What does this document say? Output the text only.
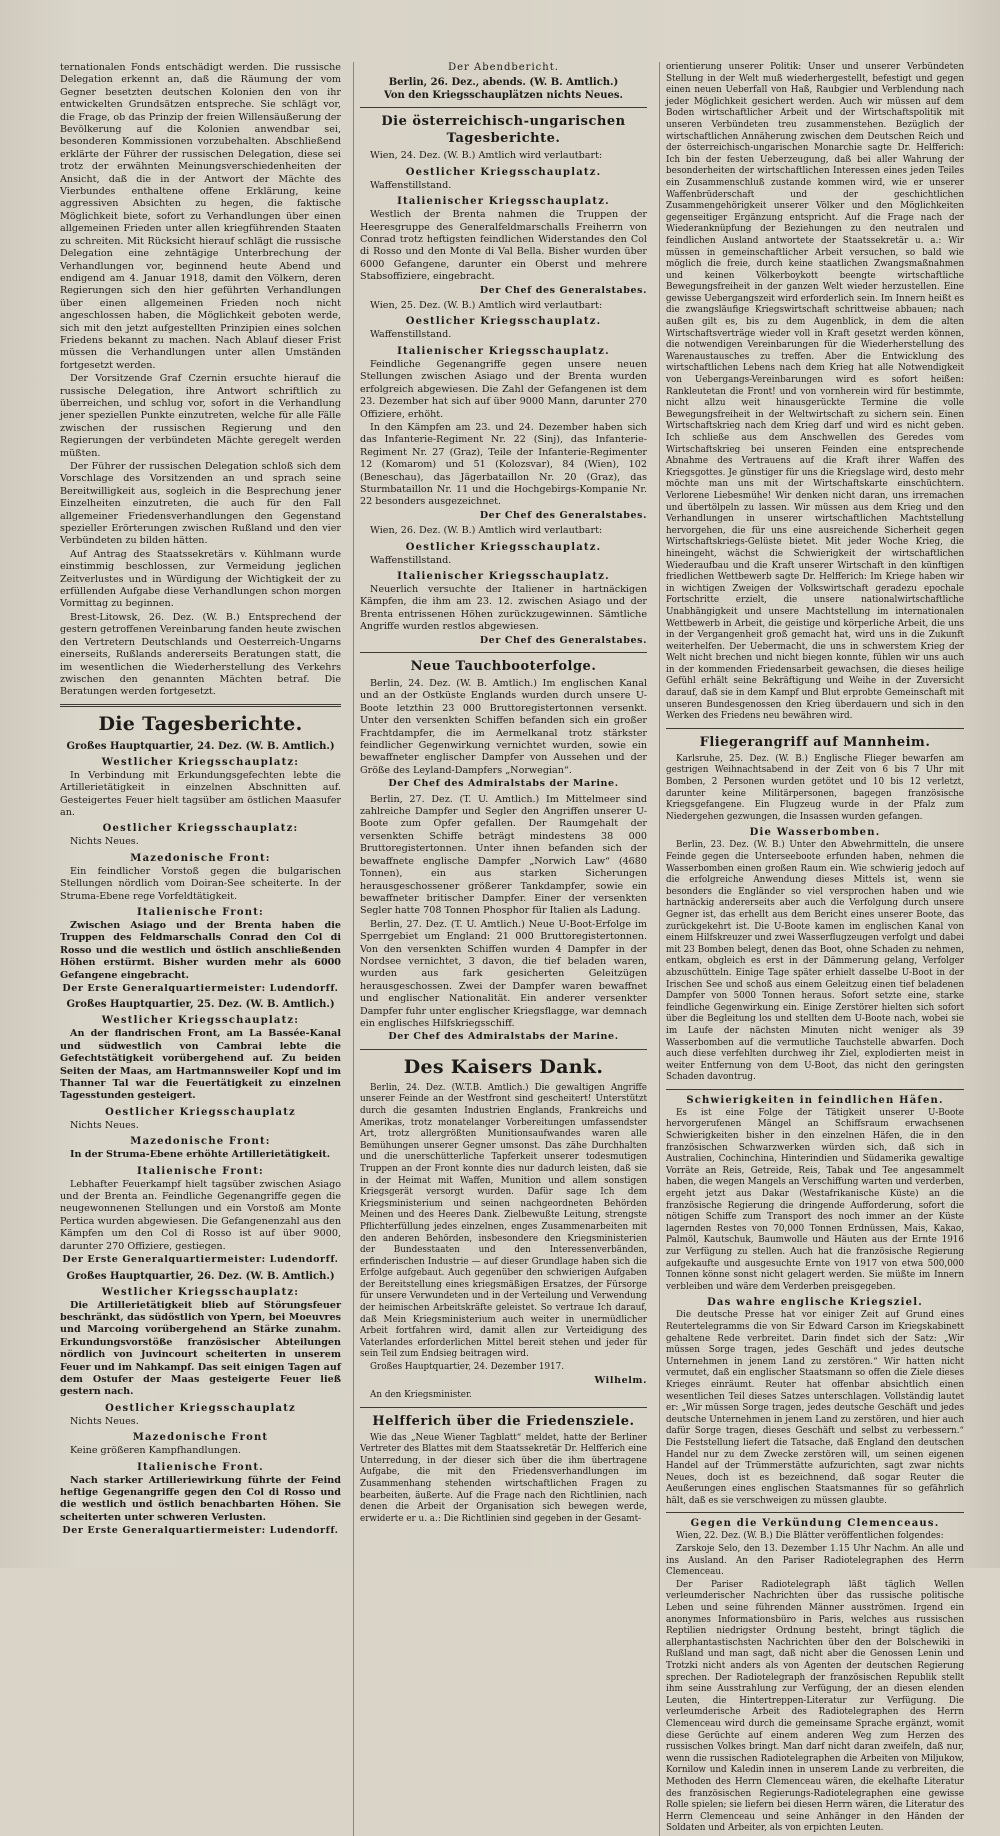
ternationalen Fonds entschädigt werden. Die russische Delegation erkennt an, daß die Räumung der vom Gegner besetzten deutschen Kolonien den von ihr entwickelten Grundsätzen entspreche. Sie schlägt vor, die Frage, ob das Prinzip der freien Willensäußerung der Bevölkerung auf die Kolonien anwendbar sei, besonderen Kommissionen vorzubehalten. Abschließend erklärte der Führer der russischen Delegation, diese sei trotz der erwähnten Meinungsverschiedenheiten der Ansicht, daß die in der Antwort der Mächte des Vierbundes enthaltene offene Erklärung, keine aggressiven Absichten zu hegen, die faktische Möglichkeit biete, sofort zu Verhandlungen über einen allgemeinen Frieden unter allen kriegführenden Staaten zu schreiten. Mit Rücksicht hierauf schlägt die russische Delegation eine zehntägige Unterbrechung der Verhandlungen vor, beginnend heute Abend und endigend am 4. Januar 1918, damit den Völkern, deren Regierungen sich den hier geführten Verhandlungen über einen allgemeinen Frieden noch nicht angeschlossen haben, die Möglichkeit geboten werde, sich mit den jetzt aufgestellten Prinzipien eines solchen Friedens bekannt zu machen. Nach Ablauf dieser Frist müssen die Verhandlungen unter allen Umständen fortgesetzt werden.

Der Vorsitzende Graf Czernin ersuchte hierauf die russische Delegation, ihre Antwort schriftlich zu überreichen, und schlug vor, sofort in die Verhandlung jener speziellen Punkte einzutreten, welche für alle Fälle zwischen der russischen Regierung und den Regierungen der verbündeten Mächte geregelt werden müßten.

Der Führer der russischen Delegation schloß sich dem Vorschlage des Vorsitzenden an und sprach seine Bereitwilligkeit aus, sogleich in die Besprechung jener Einzelheiten einzutreten, die auch für den Fall allgemeiner Friedensverhandlungen den Gegenstand spezieller Erörterungen zwischen Rußland und den vier Verbündeten zu bilden hätten.

Auf Antrag des Staatssekretärs v. Kühlmann wurde einstimmig beschlossen, zur Vermeidung jeglichen Zeitverlustes und in Würdigung der Wichtigkeit der zu erfüllenden Aufgabe diese Verhandlungen schon morgen Vormittag zu beginnen.

Brest-Litowsk, 26. Dez. (W. B.) Entsprechend der gestern getroffenen Vereinbarung fanden heute zwischen den Vertretern Deutschlands und Oesterreich-Ungarns einerseits, Rußlands andererseits Beratungen statt, die im wesentlichen die Wiederherstellung des Verkehrs zwischen den genannten Mächten betraf. Die Beratungen werden fortgesetzt.

Die Tagesberichte.
Großes Hauptquartier, 24. Dez. (W. B. Amtlich.)
Westlicher Kriegsschauplatz:

In Verbindung mit Erkundungsgefechten lebte die Artillerietätigkeit in einzelnen Abschnitten auf. Gesteigertes Feuer hielt tagsüber am östlichen Maasufer an.

Oestlicher Kriegsschauplatz:

Nichts Neues.

Mazedonische Front:

Ein feindlicher Vorstoß gegen die bulgarischen Stellungen nördlich vom Doiran-See scheiterte. In der Struma-Ebene rege Vorfeldtätigkeit.

Italienische Front:

Zwischen Asiago und der Brenta haben die Truppen des Feldmarschalls Conrad den Col di Rosso und die westlich und östlich anschließenden Höhen erstürmt. Bisher wurden mehr als 6000 Gefangene eingebracht.

Der Erste Generalquartiermeister: Ludendorff.
Großes Hauptquartier, 25. Dez. (W. B. Amtlich.)
Westlicher Kriegsschauplatz:

An der flandrischen Front, am La Bassée-Kanal und südwestlich von Cambrai lebte die Gefechtstätigkeit vorübergehend auf. Zu beiden Seiten der Maas, am Hartmannsweiler Kopf und im Thanner Tal war die Feuertätigkeit zu einzelnen Tagesstunden gesteigert.

Oestlicher Kriegsschauplatz

Nichts Neues.

Mazedonische Front:

In der Struma-Ebene erhöhte Artillerietätigkeit.

Italienische Front:

Lebhafter Feuerkampf hielt tagsüber zwischen Asiago und der Brenta an. Feindliche Gegenangriffe gegen die neugewonnenen Stellungen und ein Vorstoß am Monte Pertica wurden abgewiesen. Die Gefangenenzahl aus den Kämpfen um den Col di Rosso ist auf über 9000, darunter 270 Offiziere, gestiegen.

Der Erste Generalquartiermeister: Ludendorff.
Großes Hauptquartier, 26. Dez. (W. B. Amtlich.)
Westlicher Kriegsschauplatz:

Die Artillerietätigkeit blieb auf Störungsfeuer beschränkt, das südöstlich von Ypern, bei Moeuvres und Marcoing vorübergehend an Stärke zunahm. Erkundungsvorstöße französischer Abteilungen nördlich von Juvincourt scheiterten in unserem Feuer und im Nahkampf. Das seit einigen Tagen auf dem Ostufer der Maas gesteigerte Feuer ließ gestern nach.

Oestlicher Kriegsschauplatz

Nichts Neues.

Mazedonische Front

Keine größeren Kampfhandlungen.

Italienische Front.

Nach starker Artilleriewirkung führte der Feind heftige Gegenangriffe gegen den Col di Rosso und die westlich und östlich benachbarten Höhen. Sie scheiterten unter schweren Verlusten.

Der Erste Generalquartiermeister: Ludendorff.
Der Abendbericht.
Berlin, 26. Dez., abends. (W. B. Amtlich.)
Von den Kriegsschauplätzen nichts Neues.
Die österreichisch-ungarischen Tagesberichte.

Wien, 24. Dez. (W. B.) Amtlich wird verlautbart:

Oestlicher Kriegsschauplatz.

Waffenstillstand.

Italienischer Kriegsschauplatz.

Westlich der Brenta nahmen die Truppen der Heeresgruppe des Generalfeldmarschalls Freiherrn von Conrad trotz heftigsten feindlichen Widerstandes den Col di Rosso und den Monte di Val Bella. Bisher wurden über 6000 Gefangene, darunter ein Oberst und mehrere Stabsoffiziere, eingebracht.

Der Chef des Generalstabes.

Wien, 25. Dez. (W. B.) Amtlich wird verlautbart:

Oestlicher Kriegsschauplatz.

Waffenstillstand.

Italienischer Kriegsschauplatz.

Feindliche Gegenangriffe gegen unsere neuen Stellungen zwischen Asiago und der Brenta wurden erfolgreich abgewiesen. Die Zahl der Gefangenen ist dem 23. Dezember hat sich auf über 9000 Mann, darunter 270 Offiziere, erhöht.

In den Kämpfen am 23. und 24. Dezember haben sich das Infanterie-Regiment Nr. 22 (Sinj), das Infanterie-Regiment Nr. 27 (Graz), Teile der Infanterie-Regimenter 12 (Komarom) und 51 (Kolozsvar), 84 (Wien), 102 (Beneschau), das Jägerbataillon Nr. 20 (Graz), das Sturmbataillon Nr. 11 und die Hochgebirgs-Kompanie Nr. 22 besonders ausgezeichnet.

Der Chef des Generalstabes.

Wien, 26. Dez. (W. B.) Amtlich wird verlautbart:

Oestlicher Kriegsschauplatz.

Waffenstillstand.

Italienischer Kriegsschauplatz.

Neuerlich versuchte der Italiener in hartnäckigen Kämpfen, die ihm am 23. 12. zwischen Asiago und der Brenta entrissenen Höhen zurückzugewinnen. Sämtliche Angriffe wurden restlos abgewiesen.

Der Chef des Generalstabes.
Neue Tauchbooterfolge.

Berlin, 24. Dez. (W. B. Amtlich.) Im englischen Kanal und an der Ostküste Englands wurden durch unsere U-Boote letzthin 23 000 Bruttoregistertonnen versenkt. Unter den versenkten Schiffen befanden sich ein großer Frachtdampfer, die im Aermelkanal trotz stärkster feindlicher Gegenwirkung vernichtet wurden, sowie ein bewaffneter englischer Dampfer von Aussehen und der Größe des Leyland-Dampfers „Norwegian“.

Der Chef des Admiralstabs der Marine.

Berlin, 27. Dez. (T. U. Amtlich.) Im Mittelmeer sind zahlreiche Dampfer und Segler den Angriffen unserer U-Boote zum Opfer gefallen. Der Raumgehalt der versenkten Schiffe beträgt mindestens 38 000 Bruttoregistertonnen. Unter ihnen befanden sich der bewaffnete englische Dampfer „Norwich Law“ (4680 Tonnen), ein aus starken Sicherungen herausgeschossener größerer Tankdampfer, sowie ein bewaffneter britischer Dampfer. Einer der versenkten Segler hatte 708 Tonnen Phosphor für Italien als Ladung.

Berlin, 27. Dez. (T. U. Amtlich.) Neue U-Boot-Erfolge im Sperrgebiet um England: 21 000 Bruttoregistertonnen. Von den versenkten Schiffen wurden 4 Dampfer in der Nordsee vernichtet, 3 davon, die tief beladen waren, wurden aus fark gesicherten Geleitzügen herausgeschossen. Zwei der Dampfer waren bewaffnet und englischer Nationalität. Ein anderer versenkter Dampfer fuhr unter englischer Kriegsflagge, war demnach ein englisches Hilfskriegsschiff.

Der Chef des Admiralstabs der Marine.
Des Kaisers Dank.

Berlin, 24. Dez. (W.T.B. Amtlich.) Die gewaltigen Angriffe unserer Feinde an der Westfront sind gescheitert! Unterstützt durch die gesamten Industrien Englands, Frankreichs und Amerikas, trotz monatelanger Vorbereitungen umfassendster Art, trotz allergrößten Munitionsaufwandes waren alle Bemühungen unserer Gegner umsonst. Das zähe Durchhalten und die unerschütterliche Tapferkeit unserer todesmutigen Truppen an der Front konnte dies nur dadurch leisten, daß sie in der Heimat mit Waffen, Munition und allem sonstigen Kriegsgerät versorgt wurden. Dafür sage Ich dem Kriegsministerium und seinen nachgeordneten Behörden Meinen und des Heeres Dank. Zielbewußte Leitung, strengste Pflichterfüllung jedes einzelnen, enges Zusammenarbeiten mit den anderen Behörden, insbesondere den Kriegsministerien der Bundesstaaten und den Interessenverbänden, erfinderischen Industrie — auf dieser Grundlage haben sich die Erfolge aufgebaut. Auch gegenüber den schwierigen Aufgaben der Bereitstellung eines kriegsmäßigen Ersatzes, der Fürsorge für unsere Verwundeten und in der Verteilung und Verwendung der heimischen Arbeitskräfte geleistet. So vertraue Ich darauf, daß Mein Kriegsministerium auch weiter in unermüdlicher Arbeit fortfahren wird, damit allen zur Verteidigung des Vaterlandes erforderlichen Mittel bereit stehen und jeder für sein Teil zum Endsieg beitragen wird.

Großes Hauptquartier, 24. Dezember 1917.

Wilhelm.

An den Kriegsminister.

Helfferich über die Friedensziele.

Wie das „Neue Wiener Tagblatt“ meldet, hatte der Berliner Vertreter des Blattes mit dem Staatssekretär Dr. Helfferich eine Unterredung, in der dieser sich über die ihm übertragene Aufgabe, die mit den Friedensverhandlungen im Zusammenhang stehenden wirtschaftlichen Fragen zu bearbeiten, äußerte. Auf die Frage nach den Richtlinien, nach denen die Arbeit der Organisation sich bewegen werde, erwiderte er u. a.: Die Richtlinien sind gegeben in der Gesamt-

orientierung unserer Politik: Unser und unserer Verbündeten Stellung in der Welt muß wiederhergestellt, befestigt und gegen einen neuen Ueberfall von Haß, Raubgier und Verblendung nach jeder Möglichkeit gesichert werden. Auch wir müssen auf dem Boden wirtschaftlicher Arbeit und der Wirtschaftspolitik mit unseren Verbündeten treu zusammenstehen. Bezüglich der wirtschaftlichen Annäherung zwischen dem Deutschen Reich und der österreichisch-ungarischen Monarchie sagte Dr. Helfferich: Ich bin der festen Ueberzeugung, daß bei aller Wahrung der besonderheiten der wirtschaftlichen Interessen eines jeden Teiles ein Zusammenschluß zustande kommen wird, wie er unserer Waffenbrüderschaft und der geschichtlichen Zusammengehörigkeit unserer Völker und den Möglichkeiten gegenseitiger Ergänzung entspricht. Auf die Frage nach der Wiederanknüpfung der Beziehungen zu den neutralen und feindlichen Ausland antwortete der Staatssekretär u. a.: Wir müssen in gemeinschaftlicher Arbeit versuchen, so bald wie möglich die freie, durch keine staatlichen Zwangsmaßnahmen und keinen Völkerboykott beengte wirtschaftliche Bewegungsfreiheit in der ganzen Welt wieder herzustellen. Eine gewisse Uebergangszeit wird erforderlich sein. Im Innern heißt es die zwangsläufige Kriegswirtschaft schrittweise abbauen; nach außen gilt es, bis zu dem Augenblick, in dem die alten Wirtschaftsverträge wieder voll in Kraft gesetzt werden können, die notwendigen Vereinbarungen für die Wiederherstellung des Warenaustausches zu treffen. Aber die Entwicklung des wirtschaftlichen Lebens nach dem Krieg hat alle Notwendigkeit von Uebergangs-Vereinbarungen wird es sofort heißen: Rankleutetan die Front! und von vornherein wird für bestimmte, nicht allzu weit hinausgerückte Termine die volle Bewegungsfreiheit in der Weltwirtschaft zu sichern sein. Einen Wirtschaftskrieg nach dem Krieg darf und wird es nicht geben. Ich schließe aus dem Anschwellen des Geredes vom Wirtschaftskrieg bei unseren Feinden eine entsprechende Abnahme des Vertrauens auf die Kraft ihrer Waffen des Kriegsgottes. Je günstiger für uns die Kriegslage wird, desto mehr möchte man uns mit der Wirtschaftskarte einschüchtern. Verlorene Liebesmühe! Wir denken nicht daran, uns irremachen und übertölpeln zu lassen. Wir müssen aus dem Krieg und den Verhandlungen in unserer wirtschaftlichen Machtstellung hervorgehen, die für uns eine ausreichende Sicherheit gegen Wirtschaftskriegs-Gelüste bietet. Mit jeder Woche Krieg, die hineingeht, wächst die Schwierigkeit der wirtschaftlichen Wiederaufbau und die Kraft unserer Wirtschaft in den künftigen friedlichen Wettbewerb sagte Dr. Helfferich: Im Kriege haben wir in wichtigen Zweigen der Volkswirtschaft geradezu epochale Fortschritte erzielt, die unsere nationalwirtschaftliche Unabhängigkeit und unsere Machtstellung im internationalen Wettbewerb in Arbeit, die geistige und körperliche Arbeit, die uns in der Vergangenheit groß gemacht hat, wird uns in die Zukunft weiterhelfen. Der Uebermacht, die uns in schwerstem Krieg der Welt nicht brechen und nicht biegen konnte, fühlen wir uns auch in der kommenden Friedensarbeit gewachsen, die dieses heilige Gefühl erhält seine Bekräftigung und Weihe in der Zuversicht darauf, daß sie in dem Kampf und Blut erprobte Gemeinschaft mit unseren Bundesgenossen den Krieg überdauern und sich in den Werken des Friedens neu bewähren wird.

Fliegerangriff auf Mannheim.

Karlsruhe, 25. Dez. (W. B.) Englische Flieger bewarfen am gestrigen Weihnachtsabend in der Zeit von 6 bis 7 Uhr mit Bomben, 2 Personen wurden getötet und 10 bis 12 verletzt, darunter keine Militärpersonen, bagegen französische Kriegsgefangene. Ein Flugzeug wurde in der Pfalz zum Niedergehen gezwungen, die Insassen wurden gefangen.

Die Wasserbomben.

Berlin, 23. Dez. (W. B.) Unter den Abwehrmitteln, die unsere Feinde gegen die Unterseeboote erfunden haben, nehmen die Wasserbomben einen großen Raum ein. Wie schwierig jedoch auf die erfolgreiche Anwendung dieses Mittels ist, wenn sie besonders die Engländer so viel versprochen haben und wie hartnäckig andererseits aber auch die Verfolgung durch unsere Gegner ist, das erhellt aus dem Bericht eines unserer Boote, das zurückgekehrt ist. Die U-Boote kamen im englischen Kanal von einem Hilfskreuzer und zwei Wasserflugzeugen verfolgt und dabei mit 23 Bomben belegt, denen das Boot, ohne Schaden zu nehmen, entkam, obgleich es erst in der Dämmerung gelang, Verfolger abzuschütteln. Einige Tage später erhielt dasselbe U-Boot in der Irischen See und schoß aus einem Geleitzug einen tief beladenen Dampfer von 5000 Tonnen heraus. Sofort setzte eine, starke feindliche Gegenwirkung ein. Einige Zerstörer hielten sich sofort über die Begleitung los und stellten dem U-Boote nach, wobei sie im Laufe der nächsten Minuten nicht weniger als 39 Wasserbomben auf die vermutliche Tauchstelle abwarfen. Doch auch diese verfehlten durchweg ihr Ziel, explodierten meist in weiter Entfernung von dem U-Boot, das nicht den geringsten Schaden davontrug.

Schwierigkeiten in feindlichen Häfen.

Es ist eine Folge der Tätigkeit unserer U-Boote hervorgerufenen Mängel an Schiffsraum erwachsenen Schwierigkeiten bisher in den einzelnen Häfen, die in den französischen Schwarzwerken würden sich, daß sich in Australien, Cochinchina, Hinterindien und Südamerika gewaltige Vorräte an Reis, Getreide, Reis, Tabak und Tee angesammelt haben, die wegen Mangels an Verschiffung warten und verderben, ergeht jetzt aus Dakar (Westafrikanische Küste) an die französische Regierung die dringende Aufforderung, sofort die nötigen Schiffe zum Transport des noch immer an der Küste lagernden Restes von 70,000 Tonnen Erdnüssen, Mais, Kakao, Palmöl, Kautschuk, Baumwolle und Häuten aus der Ernte 1916 zur Verfügung zu stellen. Auch hat die französische Regierung aufgekaufte und ausgesuchte Ernte von 1917 von etwa 500,000 Tonnen könne sonst nicht gelagert werden. Sie müßte im Innern verbleiben und wäre dem Verderben preisgegeben.

Das wahre englische Kriegsziel.

Die deutsche Presse hat vor einiger Zeit auf Grund eines Reutertelegramms die von Sir Edward Carson im Kriegskabinett gehaltene Rede verbreitet. Darin findet sich der Satz: „Wir müssen Sorge tragen, jedes Geschäft und jedes deutsche Unternehmen in jenem Land zu zerstören.“ Wir hatten nicht vermutet, daß ein englischer Staatsmann so offen die Ziele dieses Krieges einräumt. Reuter hat offenbar absichtlich einen wesentlichen Teil dieses Satzes unterschlagen. Vollständig lautet er: „Wir müssen Sorge tragen, jedes deutsche Geschäft und jedes deutsche Unternehmen in jenem Land zu zerstören, und hier auch dafür Sorge tragen, dieses Geschäft und selbst zu verbessern.“ Die Feststellung liefert die Tatsache, daß England den deutschen Handel nur zu dem Zwecke zerstören will, um seinen eigenen Handel auf der Trümmerstätte aufzurichten, sagt zwar nichts Neues, doch ist es bezeichnend, daß sogar Reuter die Aeußerungen eines englischen Staatsmannes für so gefährlich hält, daß es sie verschweigen zu müssen glaubte.

Gegen die Verkündung Clemenceaus.

Wien, 22. Dez. (W. B.) Die Blätter veröffentlichen folgendes:

Zarskoje Selo, den 13. Dezember 1.15 Uhr Nachm. An alle und ins Ausland. An den Pariser Radiotelegraphen des Herrn Clemenceau.

Der Pariser Radiotelegraph läßt täglich Wellen verleumderischer Nachrichten über das russische politische Leben und seine führenden Männer ausströmen. Irgend ein anonymes Informationsbüro in Paris, welches aus russischen Reptilien niedrigster Ordnung besteht, bringt täglich die allerphantastischsten Nachrichten über den der Bolschewiki in Rußland und man sagt, daß nicht aber die Genossen Lenin und Trotzki nicht anders als von Agenten der deutschen Regierung sprechen. Der Radiotelegraph der französischen Republik stellt ihm seine Ausstrahlung zur Verfügung, der an diesen elenden Leuten, die Hintertreppen-Literatur zur Verfügung. Die verleumderische Arbeit des Radiotelegraphen des Herrn Clemenceau wird durch die gemeinsame Sprache ergänzt, womit diese Gerüchte auf einem anderen Weg zum Herzen des russischen Volkes bringt. Man darf nicht daran zweifeln, daß nur, wenn die russischen Radiotelegraphen die Arbeiten von Miljukow, Kornilow und Kaledin innen in unserem Lande zu verbreiten, die Methoden des Herrn Clemenceau wären, die ekelhafte Literatur des französischen Regierungs-Radiotelegraphen eine gewisse Rolle spielen; sie liefern bei diesen Herrn wären, die Literatur des Herrn Clemenceau und seine Anhänger in den Händen der Soldaten und Arbeiter, als von erpichten Leuten.
